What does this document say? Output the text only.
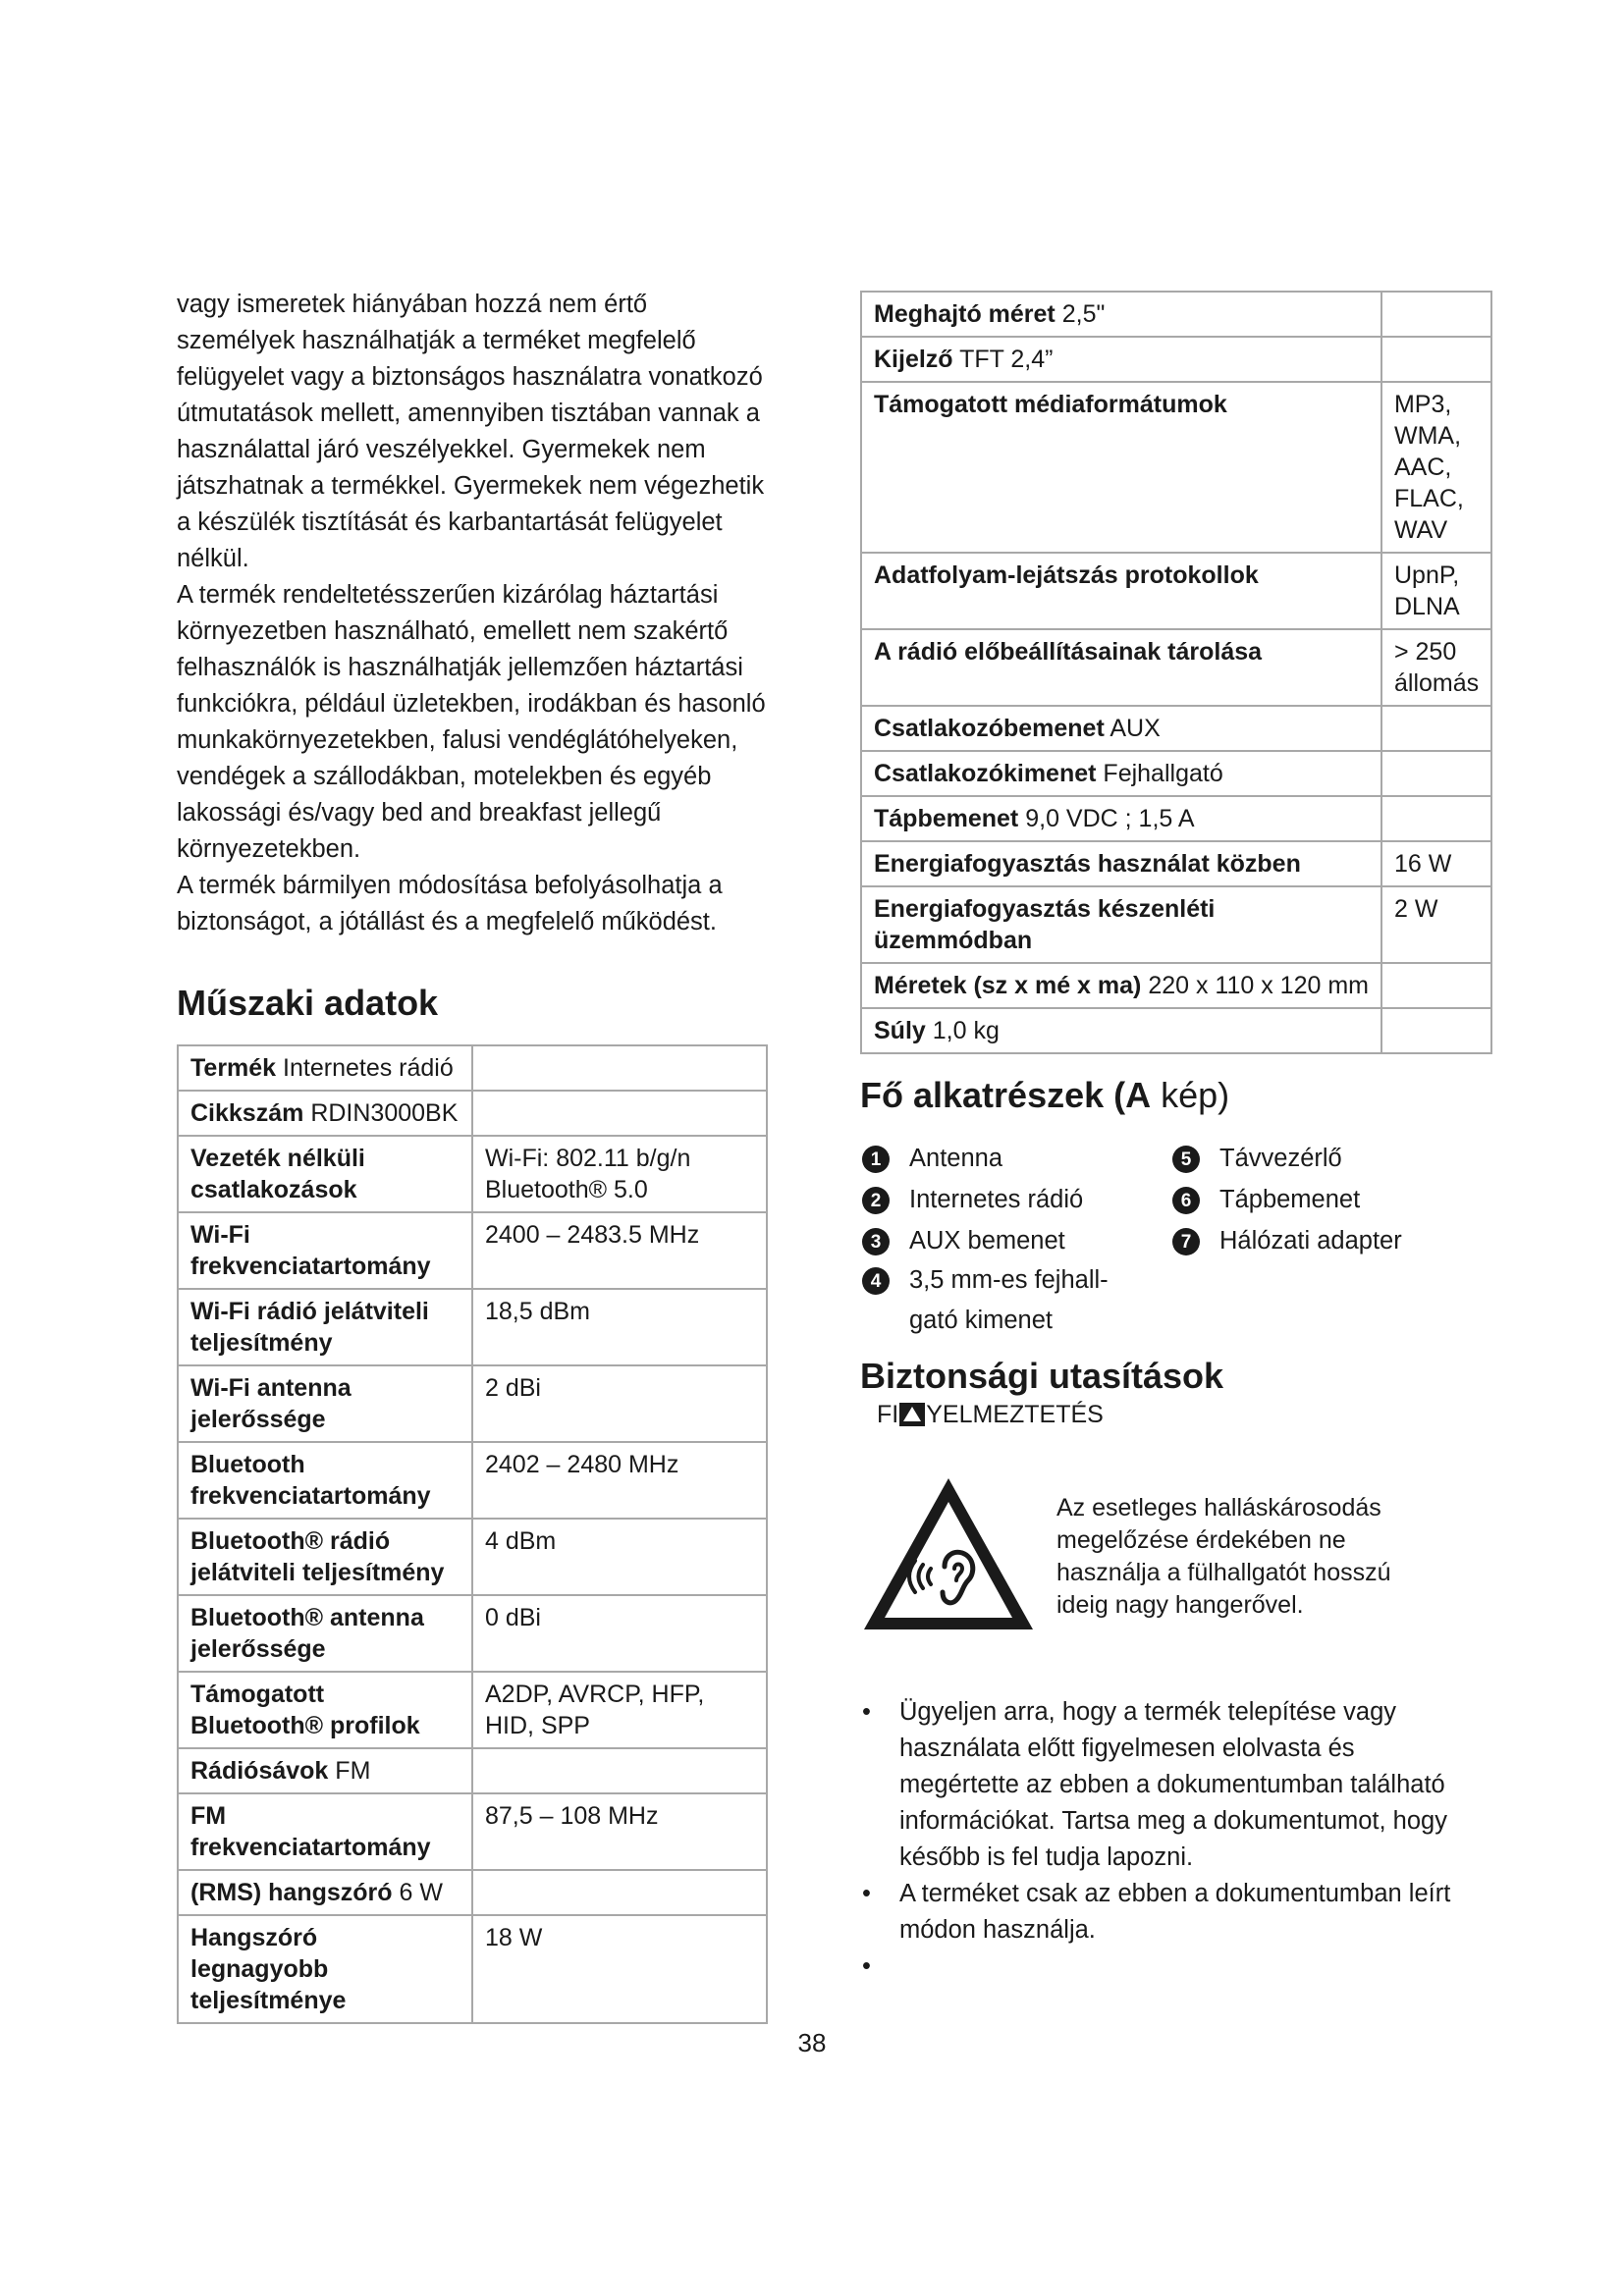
vagy ismeretek hiányában hozzá nem értő személyek használhatják a terméket megfelelő felügyelet vagy a biztonságos használatra vonatkozó útmutatások mellett, amennyiben tisztában vannak a használattal járó veszélyekkel. Gyermekek nem játszhatnak a termékkel. Gyermekek nem végezhetik a készülék tisztítását és karbantartását felügyelet nélkül.

A termék rendeltetésszerűen kizárólag háztartási környezetben használható, emellett nem szakértő felhasználók is használhatják jellemzően háztartási funkciókra, például üzletekben, irodákban és hasonló munkakörnyezetekben, falusi vendéglátóhelyeken, vendégek a szállodákban, motelekben és egyéb lakossági és/vagy bed and breakfast jellegű környezetekben.

A termék bármilyen módosítása befolyásolhatja a biztonságot, a jótállást és a megfelelő működést.

Műszaki adatok
Termék Internetes rádió	
Cikkszám RDIN3000BK	
Vezeték nélküli csatlakozások	Wi-Fi: 802.11 b/g/n Bluetooth® 5.0
Wi-Fi frekvenciatartomány	2400 – 2483.5 MHz
Wi-Fi rádió jelátviteli teljesítmény	18,5 dBm
Wi-Fi antenna jelerőssége	2 dBi
Bluetooth frekvenciatartomány	2402 – 2480 MHz
Bluetooth® rádió jelátviteli teljesítmény	4 dBm
Bluetooth® antenna jelerőssége	0 dBi
Támogatott Bluetooth® profilok	A2DP, AVRCP, HFP, HID, SPP
Rádiósávok FM	
FM frekvenciatartomány	87,5 – 108 MHz
(RMS) hangszóró 6 W	
Hangszóró legnagyobb teljesítménye	18 W
Meghajtó méret 2,5"	
Kijelző TFT 2,4”	
Támogatott médiaformátumok	MP3, WMA, AAC, FLAC, WAV
Adatfolyam-lejátszás protokollok	UpnP, DLNA
A rádió előbeállításainak tárolása	> 250 állomás
Csatlakozóbemenet AUX	
Csatlakozókimenet Fejhallgató	
Tápbemenet 9,0 VDC ; 1,5 A	
Energiafogyasztás használat közben	16 W
Energiafogyasztás készenléti üzemmódban	2 W
Méretek (sz x mé x ma) 220 x 110 x 120 mm	
Súly 1,0 kg	
Fő alkatrészek (A kép)
1	Antenna
2	Internetes rádió
3	AUX bemenet
4	3,5 mm-es fejhall-gató kimenet
5	Távvezérlő
6	Tápbemenet
7	Hálózati adapter
Biztonsági utasítások
FI YELMEZTETÉS
Az esetleges halláskárosodás megelőzése érdekében ne használja a fülhallgatót hosszú ideig nagy hangerővel.
• Ügyeljen arra, hogy a termék telepítése vagy használata előtt figyelmesen elolvasta és megértette az ebben a dokumentumban található információkat. Tartsa meg a dokumentumot, hogy később is fel tudja lapozni.
• A terméket csak az ebben a dokumentumban leírt módon használja.
38
